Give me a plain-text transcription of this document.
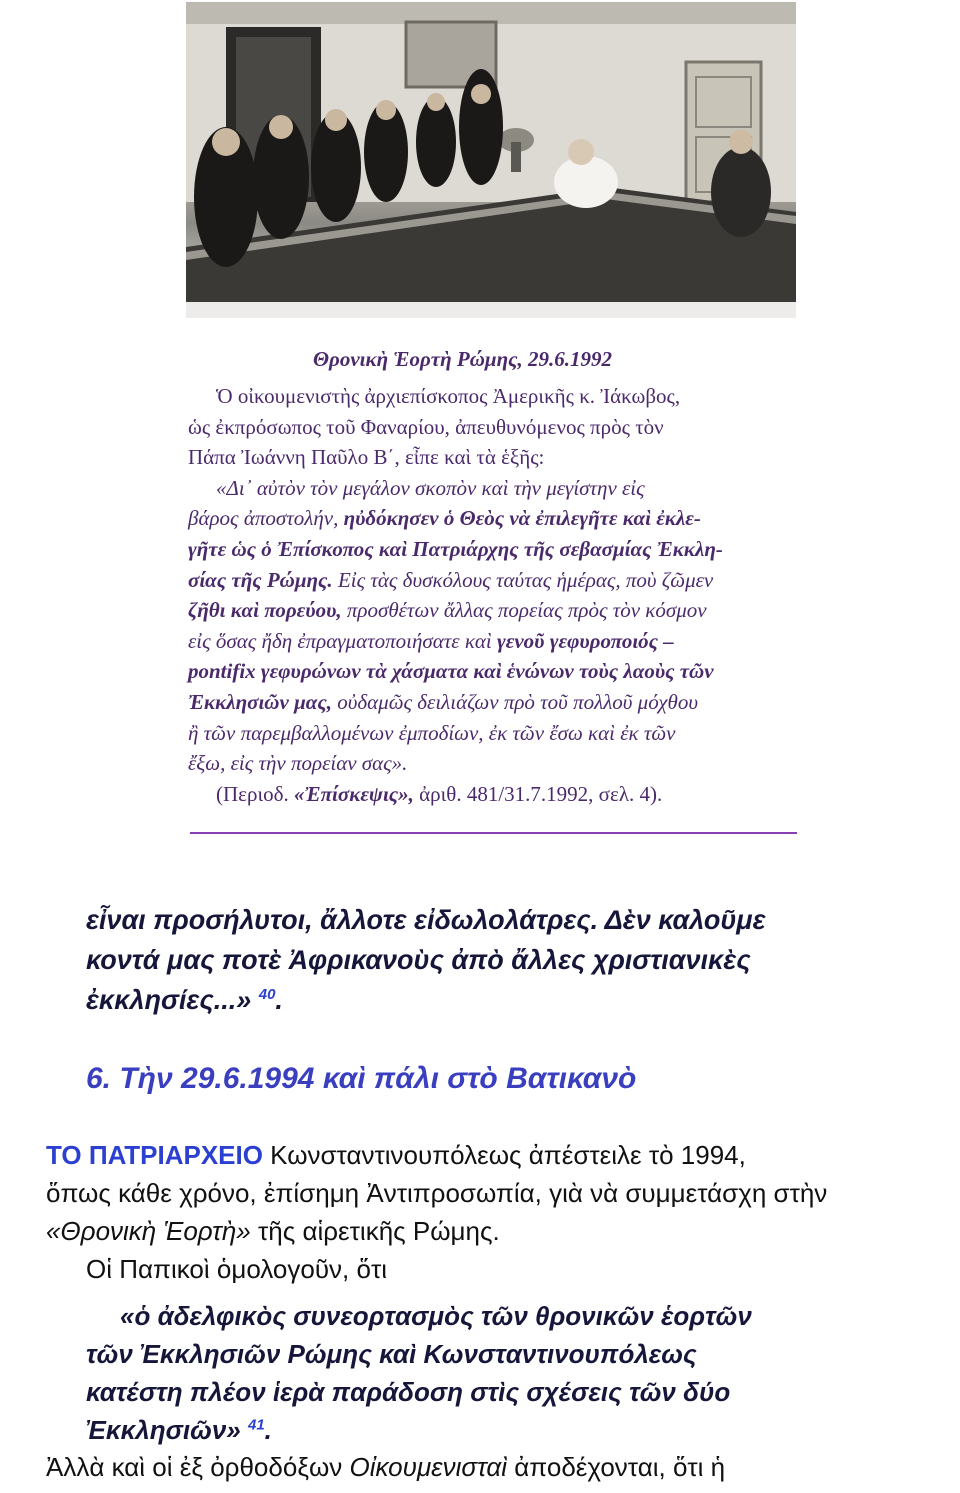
Θρονικὴ Ἑορτὴ Ρώμης, 29.6.1992
Ὁ οἰκουμενιστὴς ἀρχιεπίσκοπος Ἀμερικῆς κ. Ἰάκωβος,
ὡς ἐκπρόσωπος τοῦ Φαναρίου, ἀπευθυνόμενος πρὸς τὸν
Πάπα Ἰωάννη Παῦλο Β΄, εἶπε καὶ τὰ ἑξῆς:
«Δι᾽ αὐτὸν τὸν μεγάλον σκοπὸν καὶ τὴν μεγίστην εἰς
βάρος ἀποστολήν, ηὐδόκησεν ὁ Θεὸς νὰ ἐπιλεγῆτε καὶ ἐκλε-
γῆτε ὡς ὁ Ἐπίσκοπος καὶ Πατριάρχης τῆς σεβασμίας Ἐκκλη-
σίας τῆς Ρώμης. Εἰς τὰς δυσκόλους ταύτας ἡμέρας, ποὺ ζῶμεν
ζῆθι καὶ πορεύου, προσθέτων ἄλλας πορείας πρὸς τὸν κόσμον
εἰς ὅσας ἤδη ἐπραγματοποιήσατε καὶ γενοῦ γεφυροποιός –
pontifix γεφυρώνων τὰ χάσματα καὶ ἑνώνων τοὺς λαοὺς τῶν
Ἐκκλησιῶν μας, οὐδαμῶς δειλιάζων πρὸ τοῦ πολλοῦ μόχθου
ἢ τῶν παρεμβαλλομένων ἐμποδίων, ἐκ τῶν ἔσω καὶ ἐκ τῶν
ἔξω, εἰς τὴν πορείαν σας».
(Περιοδ. «Ἐπίσκεψις», ἀριθ. 481/31.7.1992, σελ. 4).
εἶναι προσήλυτοι, ἄλλοτε εἰδωλολάτρες. Δὲν καλοῦμε
κοντά μας ποτὲ Ἀφρικανοὺς ἀπὸ ἄλλες χριστιανικὲς
ἐκκλησίες...» $^{40}$.
6. Τὴν 29.6.1994 καὶ πάλι στὸ Βατικανὸ
ΤΟ ΠΑΤΡΙΑΡΧΕΙΟ Κωνσταντινουπόλεως ἀπέστειλε τὸ 1994,
ὅπως κάθε χρόνο, ἐπίσημη Ἀντιπροσωπία, γιὰ νὰ συμμετάσχη στὴν
«Θρονικὴ Ἑορτὴ» τῆς αἱρετικῆς Ρώμης.
Οἱ Παπικοὶ ὁμολογοῦν, ὅτι
«ὁ ἀδελφικὸς συνεορτασμὸς τῶν θρονικῶν ἑορτῶν
τῶν Ἐκκλησιῶν Ρώμης καὶ Κωνσταντινουπόλεως
κατέστη πλέον ἱερὰ παράδοση στὶς σχέσεις τῶν δύο
Ἐκκλησιῶν» $^{41}$.
Ἀλλὰ καὶ οἱ ἐξ ὀρθοδόξων Οἰκουμενισταὶ ἀποδέχονται, ὅτι ἡ
